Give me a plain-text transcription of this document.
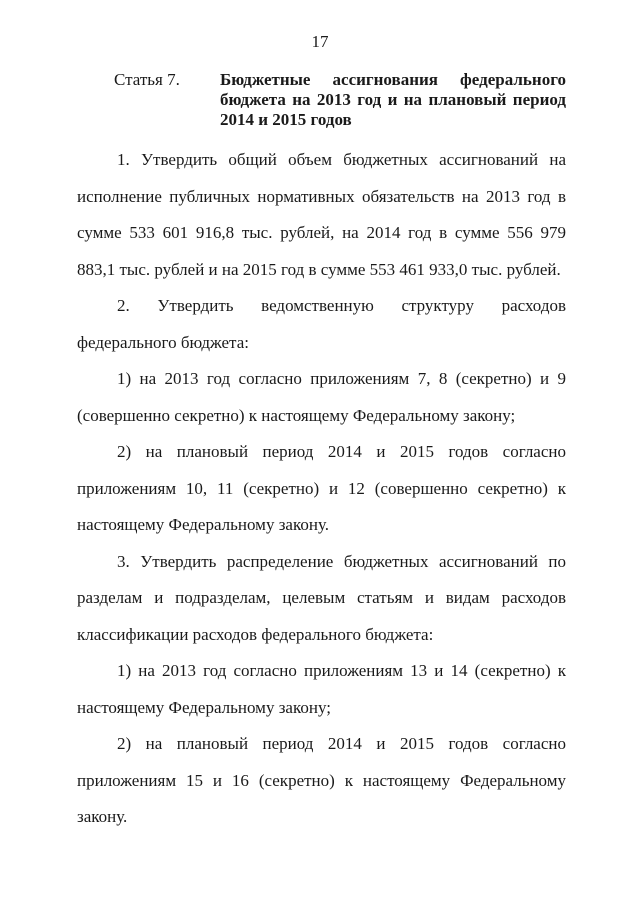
17
Статья 7. Бюджетные ассигнования федерального бюджета на 2013 год и на плановый период 2014 и 2015 годов

1. Утвердить общий объем бюджетных ассигнований на исполнение публичных нормативных обязательств на 2013 год в сумме 533 601 916,8 тыс. рублей, на 2014 год в сумме 556 979 883,1 тыс. рублей и на 2015 год в сумме 553 461 933,0 тыс. рублей.

2. Утвердить ведомственную структуру расходов федерального бюджета:

1) на 2013 год согласно приложениям 7, 8 (секретно) и 9 (совершенно секретно) к настоящему Федеральному закону;

2) на плановый период 2014 и 2015 годов согласно приложениям 10, 11 (секретно) и 12 (совершенно секретно) к настоящему Федеральному закону.

3. Утвердить распределение бюджетных ассигнований по разделам и подразделам, целевым статьям и видам расходов классификации расходов федерального бюджета:

1) на 2013 год согласно приложениям 13 и 14 (секретно) к настоящему Федеральному закону;

2) на плановый период 2014 и 2015 годов согласно приложениям 15 и 16 (секретно) к настоящему Федеральному закону.
